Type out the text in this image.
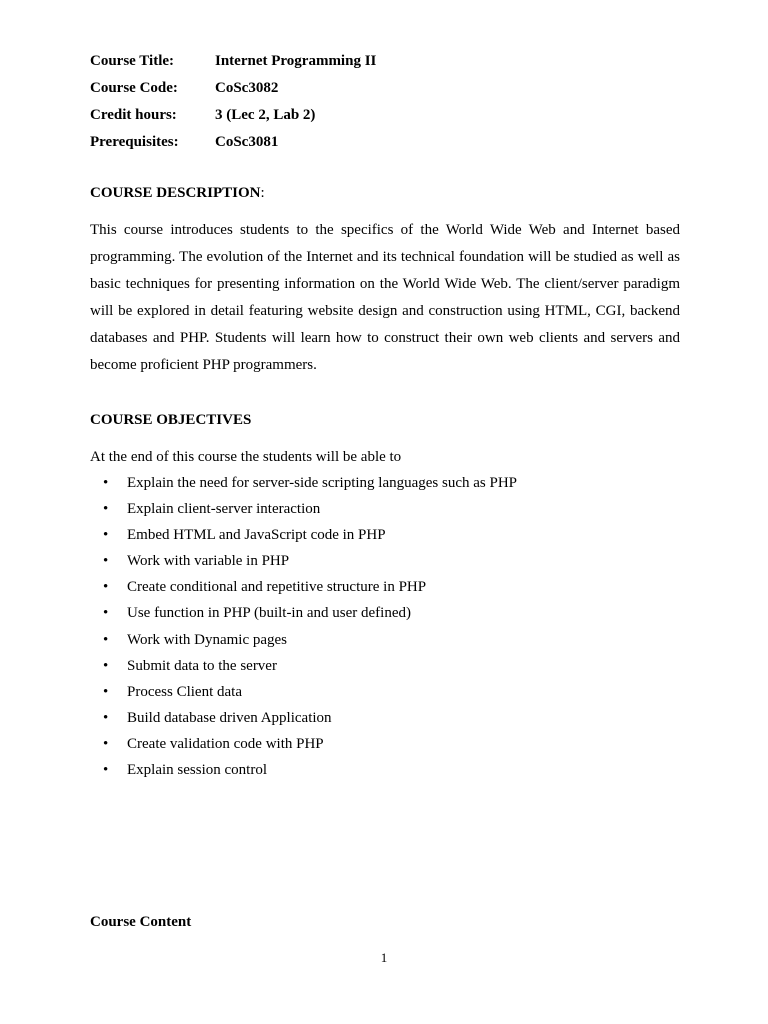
Course Title:	Internet Programming II
Course Code:	CoSc3082
Credit hours:	3 (Lec 2, Lab 2)
Prerequisites:	CoSc3081
COURSE DESCRIPTION:

This course introduces students to the specifics of the World Wide Web and Internet based programming. The evolution of the Internet and its technical foundation will be studied as well as basic techniques for presenting information on the World Wide Web. The client/server paradigm will be explored in detail featuring website design and construction using HTML, CGI, backend databases and PHP. Students will learn how to construct their own web clients and servers and become proficient PHP programmers.

COURSE OBJECTIVES
At the end of this course the students will be able to
• Explain the need for server-side scripting languages such as PHP
• Explain client-server interaction
• Embed HTML and JavaScript code in PHP
• Work with variable in PHP
• Create conditional and repetitive structure in PHP
• Use function in PHP (built-in and user defined)
• Work with Dynamic pages
• Submit data to the server
• Process Client data
• Build database driven Application
• Create validation code with PHP
• Explain session control
Course Content
1
